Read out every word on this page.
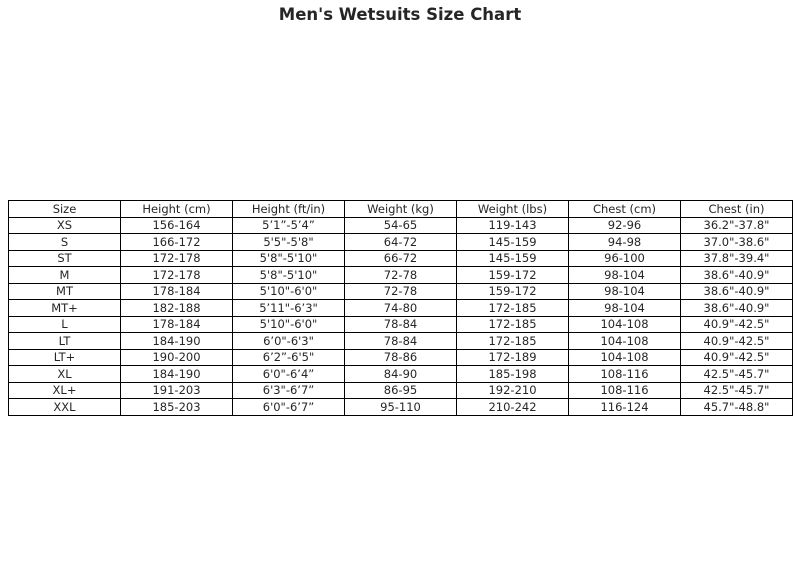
Men's Wetsuits Size Chart
Size	Height (cm)	Height (ft/in)	Weight (kg)	Weight (lbs)	Chest (cm)	Chest (in)
XS	156-164	5’1”-5’4”	54-65	119-143	92-96	36.2"-37.8"
S	166-172	5'5"-5'8"	64-72	145-159	94-98	37.0"-38.6"
ST	172-178	5'8"-5'10"	66-72	145-159	96-100	37.8"-39.4"
M	172-178	5'8"-5'10"	72-78	159-172	98-104	38.6"-40.9"
MT	178-184	5'10"-6'0"	72-78	159-172	98-104	38.6"-40.9"
MT+	182-188	5’11"-6’3"	74-80	172-185	98-104	38.6"-40.9"
L	178-184	5'10"-6'0"	78-84	172-185	104-108	40.9"-42.5"
LT	184-190	6’0"-6'3"	78-84	172-185	104-108	40.9"-42.5"
LT+	190-200	6’2”-6'5"	78-86	172-189	104-108	40.9"-42.5"
XL	184-190	6'0"-6’4”	84-90	185-198	108-116	42.5"-45.7"
XL+	191-203	6'3"-6’7”	86-95	192-210	108-116	42.5"-45.7"
XXL	185-203	6'0"-6’7”	95-110	210-242	116-124	45.7"-48.8"
